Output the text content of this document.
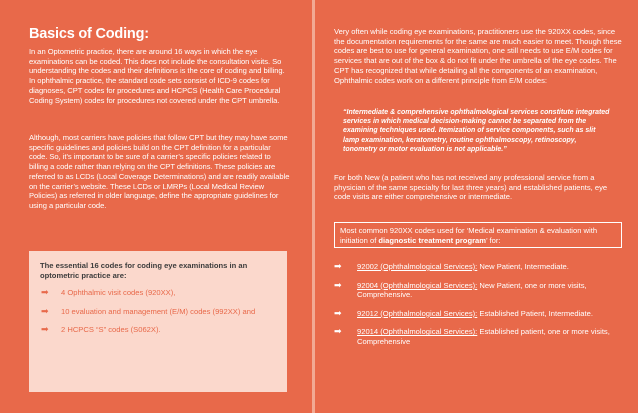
Basics of Coding:

In an Optometric practice, there are around 16 ways in which the eye examinations can be coded. This does not include the consultation visits. So understanding the codes and their definitions is the core of coding and billing. In ophthalmic practice, the standard code sets consist of ICD-9 codes for diagnoses, CPT codes for procedures and HCPCS (Health Care Procedural Coding System) codes for procedures not covered under the CPT umbrella.

Although, most carriers have policies that follow CPT but they may have some specific guidelines and policies build on the CPT definition for a particular code. So, it’s important to be sure of a carrier’s specific policies related to billing a code rather than relying on the CPT definitions. These policies are referred to as LCDs (Local Coverage Determinations) and are readily available on the carrier’s website. These LCDs or LMRPs (Local Medical Review Policies) as referred in older language, define the appropriate guidelines for using a particular code.

The essential 16 codes for coding eye examinations in an optometric practice are:
➡	4 Ophthalmic visit codes (920XX),
➡	10 evaluation and management (E/M) codes (992XX) and
➡	2 HCPCS “S” codes (S062X).

Very often while coding eye examinations, practitioners use the 920XX codes, since the documentation requirements for the same are much easier to meet. Though these codes are best to use for general examination, one still needs to use E/M codes for services that are out of the box & do not fit under the umbrella of the eye codes. The CPT has recognized that while detailing all the components of an examination, Ophthalmic codes work on a different principle from E/M codes:

“Intermediate & comprehensive ophthalmological services constitute integrated services in which medical decision-making cannot be separated from the examining techniques used. Itemization of service components, such as slit lamp examination, keratometry, routine ophthalmoscopy, retinoscopy, tonometry or motor evaluation is not applicable.”

For both New (a patient who has not received any professional service from a physician of the same specialty for last three years) and established patients, eye code visits are either comprehensive or intermediate.

Most common 920XX codes used for ‘Medical examination & evaluation with initiation of diagnostic treatment program’ for:
➡	92002 (Ophthalmological Services): New Patient, Intermediate.
➡	92004 (Ophthalmological Services): New Patient, one or more visits, Comprehensive.
➡	92012 (Ophthalmological Services): Established Patient, Intermediate.
➡	92014 (Ophthalmological Services): Established patient, one or more visits, Comprehensive
